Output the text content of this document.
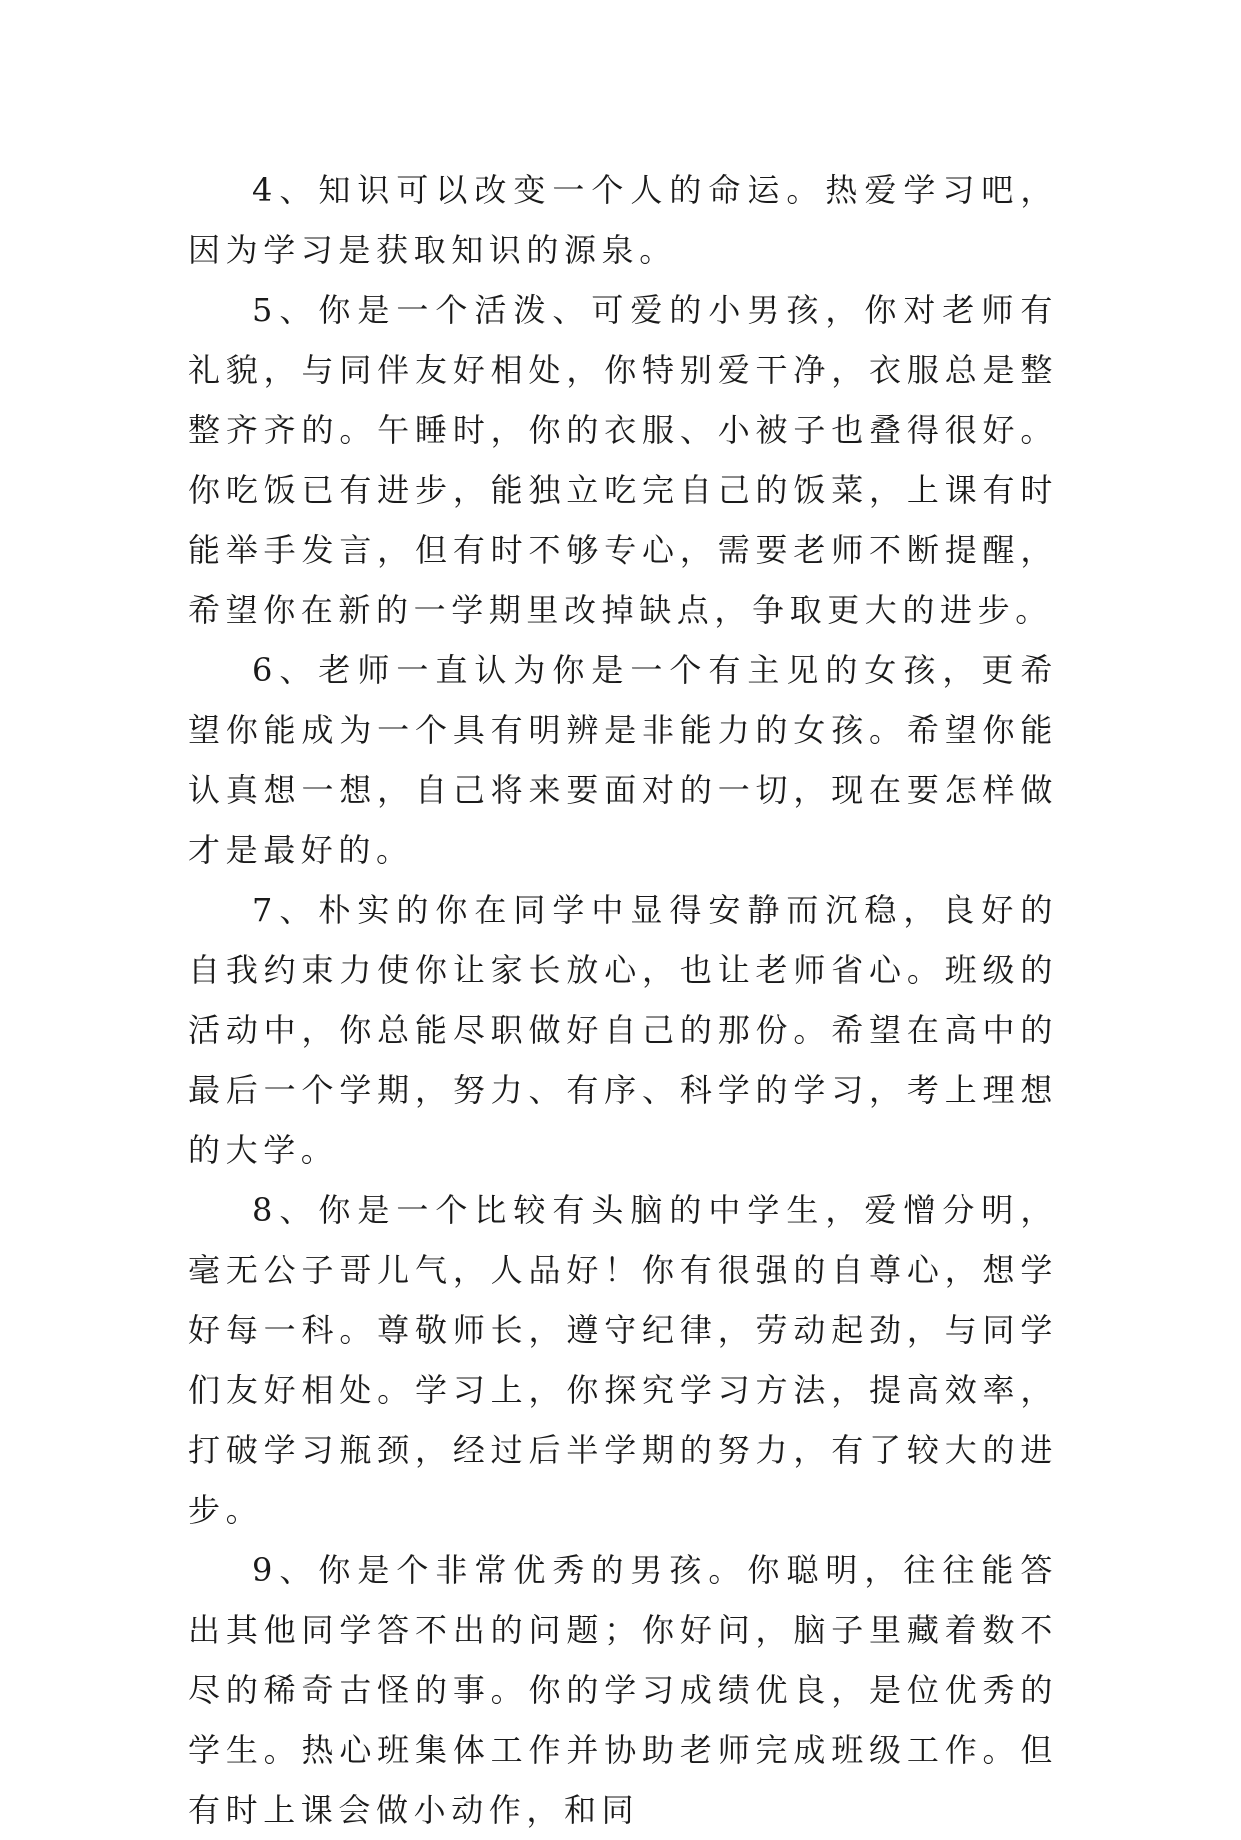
4、知识可以改变一个人的命运。热爱学习吧，因为学习是获取知识的源泉。

5、你是一个活泼、可爱的小男孩，你对老师有礼貌，与同伴友好相处，你特别爱干净，衣服总是整整齐齐的。午睡时，你的衣服、小被子也叠得很好。你吃饭已有进步，能独立吃完自己的饭菜，上课有时能举手发言，但有时不够专心，需要老师不断提醒，希望你在新的一学期里改掉缺点，争取更大的进步。

6、老师一直认为你是一个有主见的女孩，更希望你能成为一个具有明辨是非能力的女孩。希望你能认真想一想，自己将来要面对的一切，现在要怎样做才是最好的。

7、朴实的你在同学中显得安静而沉稳，良好的自我约束力使你让家长放心，也让老师省心。班级的活动中，你总能尽职做好自己的那份。希望在高中的最后一个学期，努力、有序、科学的学习，考上理想的大学。

8、你是一个比较有头脑的中学生，爱憎分明，毫无公子哥儿气，人品好！你有很强的自尊心，想学好每一科。尊敬师长，遵守纪律，劳动起劲，与同学们友好相处。学习上，你探究学习方法，提高效率，打破学习瓶颈，经过后半学期的努力，有了较大的进步。

9、你是个非常优秀的男孩。你聪明，往往能答出其他同学答不出的问题；你好问，脑子里藏着数不尽的稀奇古怪的事。你的学习成绩优良，是位优秀的学生。热心班集体工作并协助老师完成班级工作。但有时上课会做小动作，和同
